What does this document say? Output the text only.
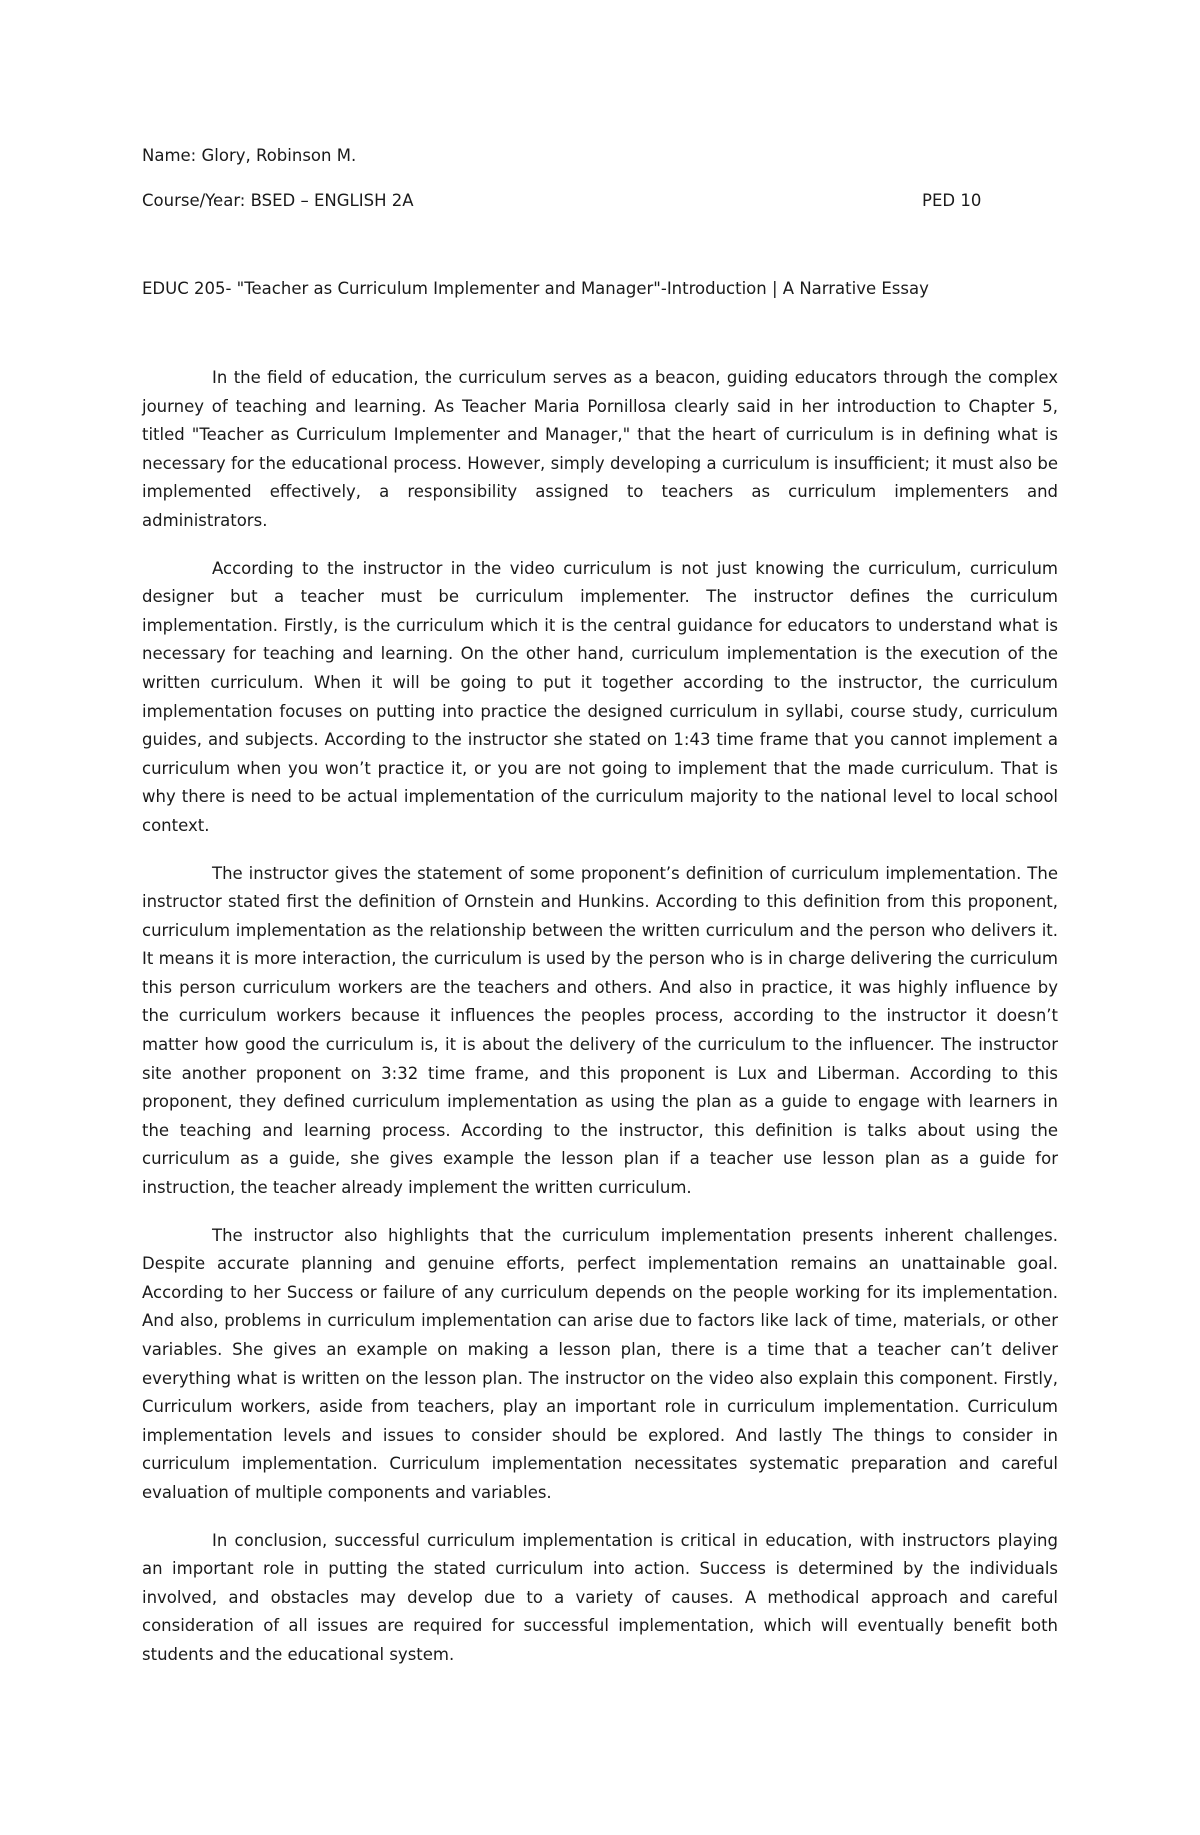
Name: Glory, Robinson M.
Course/Year: BSED – ENGLISH 2A	PED 10
EDUC 205- "Teacher as Curriculum Implementer and Manager"-Introduction | A Narrative Essay

In the field of education, the curriculum serves as a beacon, guiding educators through the complex journey of teaching and learning. As Teacher Maria Pornillosa clearly said in her introduction to Chapter 5, titled "Teacher as Curriculum Implementer and Manager," that the heart of curriculum is in defining what is necessary for the educational process. However, simply developing a curriculum is insufficient; it must also be implemented effectively, a responsibility assigned to teachers as curriculum implementers and administrators.

According to the instructor in the video curriculum is not just knowing the curriculum, curriculum designer but a teacher must be curriculum implementer. The instructor defines the curriculum implementation. Firstly, is the curriculum which it is the central guidance for educators to understand what is necessary for teaching and learning. On the other hand, curriculum implementation is the execution of the written curriculum. When it will be going to put it together according to the instructor, the curriculum implementation focuses on putting into practice the designed curriculum in syllabi, course study, curriculum guides, and subjects. According to the instructor she stated on 1:43 time frame that you cannot implement a curriculum when you won’t practice it, or you are not going to implement that the made curriculum. That is why there is need to be actual implementation of the curriculum majority to the national level to local school context.

The instructor gives the statement of some proponent’s definition of curriculum implementation. The instructor stated first the definition of Ornstein and Hunkins. According to this definition from this proponent, curriculum implementation as the relationship between the written curriculum and the person who delivers it. It means it is more interaction, the curriculum is used by the person who is in charge delivering the curriculum this person curriculum workers are the teachers and others. And also in practice, it was highly influence by the curriculum workers because it influences the peoples process, according to the instructor it doesn’t matter how good the curriculum is, it is about the delivery of the curriculum to the influencer. The instructor site another proponent on 3:32 time frame, and this proponent is Lux and Liberman. According to this proponent, they defined curriculum implementation as using the plan as a guide to engage with learners in the teaching and learning process. According to the instructor, this definition is talks about using the curriculum as a guide, she gives example the lesson plan if a teacher use lesson plan as a guide for instruction, the teacher already implement the written curriculum.

The instructor also highlights that the curriculum implementation presents inherent challenges. Despite accurate planning and genuine efforts, perfect implementation remains an unattainable goal. According to her Success or failure of any curriculum depends on the people working for its implementation. And also, problems in curriculum implementation can arise due to factors like lack of time, materials, or other variables. She gives an example on making a lesson plan, there is a time that a teacher can’t deliver everything what is written on the lesson plan. The instructor on the video also explain this component. Firstly, Curriculum workers, aside from teachers, play an important role in curriculum implementation. Curriculum implementation levels and issues to consider should be explored. And lastly The things to consider in curriculum implementation. Curriculum implementation necessitates systematic preparation and careful evaluation of multiple components and variables.

In conclusion, successful curriculum implementation is critical in education, with instructors playing an important role in putting the stated curriculum into action. Success is determined by the individuals involved, and obstacles may develop due to a variety of causes. A methodical approach and careful consideration of all issues are required for successful implementation, which will eventually benefit both students and the educational system.
